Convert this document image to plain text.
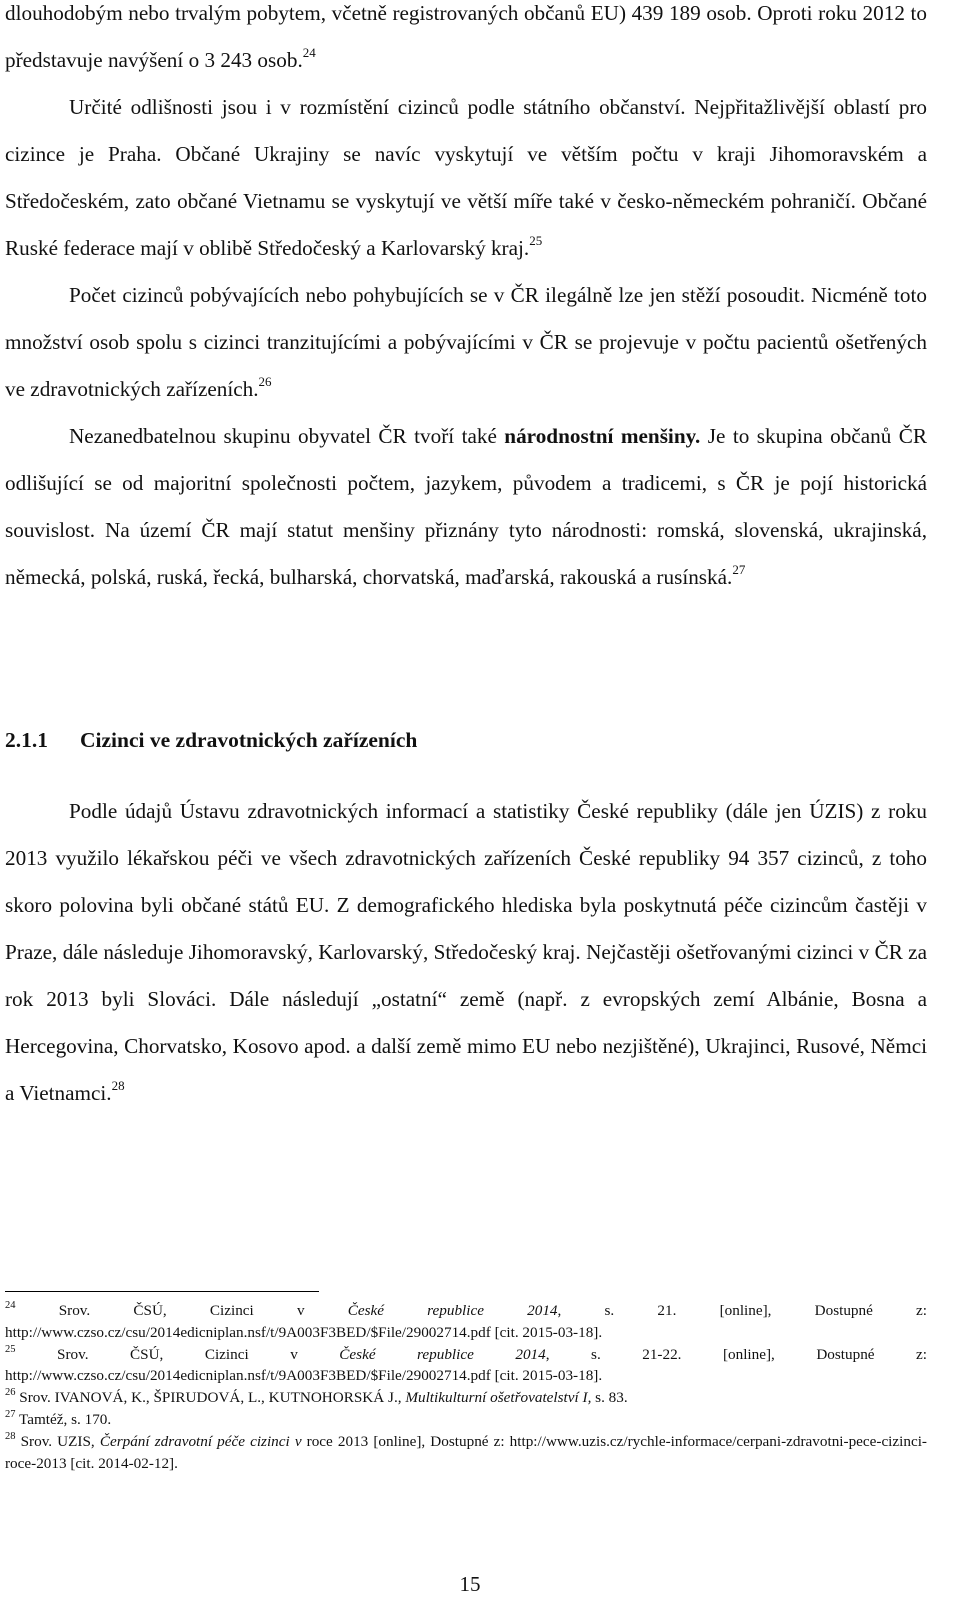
dlouhodobým nebo trvalým pobytem, včetně registrovaných občanů EU) 439 189 osob. Oproti roku 2012 to představuje navýšení o 3 243 osob.$^{24}$

Určité odlišnosti jsou i v rozmístění cizinců podle státního občanství. Nejpřitažlivější oblastí pro cizince je Praha. Občané Ukrajiny se navíc vyskytují ve větším počtu v kraji Jihomoravském a Středočeském, zato občané Vietnamu se vyskytují ve větší míře také v česko-německém pohraničí. Občané Ruské federace mají v oblibě Středočeský a Karlovarský kraj.$^{25}$

Počet cizinců pobývajících nebo pohybujících se v ČR ilegálně lze jen stěží posoudit. Nicméně toto množství osob spolu s cizinci tranzitujícími a pobývajícími v ČR se projevuje v počtu pacientů ošetřených ve zdravotnických zařízeních.$^{26}$

Nezanedbatelnou skupinu obyvatel ČR tvoří také národnostní menšiny. Je to skupina občanů ČR odlišující se od majoritní společnosti počtem, jazykem, původem a tradicemi, s ČR je pojí historická souvislost. Na území ČR mají statut menšiny přiznány tyto národnosti: romská, slovenská, ukrajinská, německá, polská, ruská, řecká, bulharská, chorvatská, maďarská, rakouská a rusínská.$^{27}$

2.1.1 Cizinci ve zdravotnických zařízeních

Podle údajů Ústavu zdravotnických informací a statistiky České republiky (dále jen ÚZIS) z roku 2013 využilo lékařskou péči ve všech zdravotnických zařízeních České republiky 94 357 cizinců, z toho skoro polovina byli občané států EU. Z demografického hlediska byla poskytnutá péče cizincům častěji v Praze, dále následuje Jihomoravský, Karlovarský, Středočeský kraj. Nejčastěji ošetřovanými cizinci v ČR za rok 2013 byli Slováci. Dále následují „ostatní“ země (např. z evropských zemí Albánie, Bosna a Hercegovina, Chorvatsko, Kosovo apod. a další země mimo EU nebo nezjištěné), Ukrajinci, Rusové, Němci a Vietnamci.$^{28}$

$^{24}$	Srov. ČSÚ, Cizinci v České republice 2014, s. 21. [online], Dostupné z: http://www.czso.cz/csu/2014edicniplan.nsf/t/9A003F3BED/$File/29002714.pdf [cit. 2015-03-18].
$^{25}$	Srov. ČSÚ, Cizinci v České republice 2014, s. 21-22. [online], Dostupné z: http://www.czso.cz/csu/2014edicniplan.nsf/t/9A003F3BED/$File/29002714.pdf [cit. 2015-03-18].
$^{26}$ Srov. IVANOVÁ, K., ŠPIRUDOVÁ, L., KUTNOHORSKÁ J., Multikulturní ošetřovatelství I, s. 83.
$^{27}$ Tamtéž, s. 170.
$^{28}$ Srov. UZIS, Čerpání zdravotní péče cizinci v roce 2013 [online], Dostupné z: http://www.uzis.cz/rychle-informace/cerpani-zdravotni-pece-cizinci-roce-2013 [cit. 2014-02-12].
15
